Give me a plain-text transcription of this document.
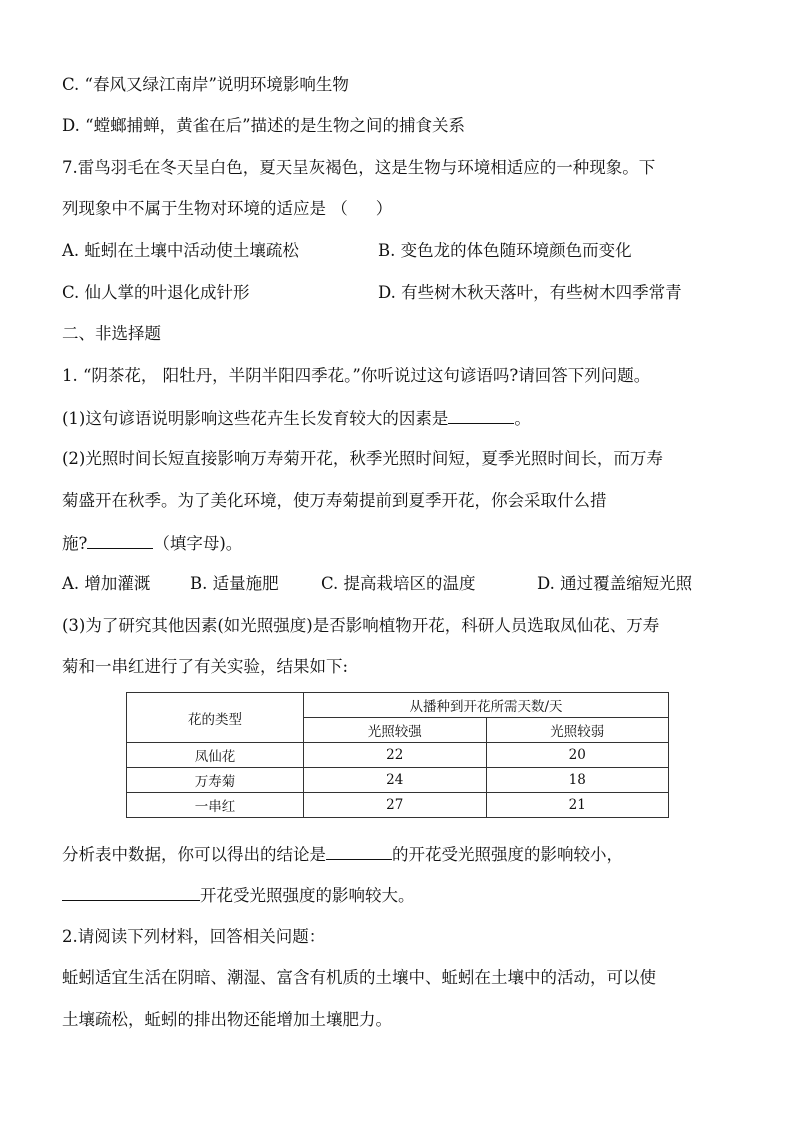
C. “春风又绿江南岸”说明环境影响生物
D. “螳螂捕蝉，黄雀在后”描述的是生物之间的捕食关系
7.雷鸟羽毛在冬天呈白色，夏天呈灰褐色，这是生物与环境相适应的一种现象。下
列现象中不属于生物对环境的适应是 （ ）
A. 蚯蚓在土壤中活动使土壤疏松	B. 变色龙的体色随环境颜色而变化
C. 仙人掌的叶退化成针形	D. 有些树木秋天落叶，有些树木四季常青
二、非选择题
1. “阴茶花， 阳牡丹，半阴半阳四季花。”你听说过这句谚语吗?请回答下列问题。
(1)这句谚语说明影响这些花卉生长发育较大的因素是	。
(2)光照时间长短直接影响万寿菊开花，秋季光照时间短，夏季光照时间长，而万寿
菊盛开在秋季。为了美化环境，使万寿菊提前到夏季开花，你会采取什么措
施?	（填字母)。
A. 增加灌溉 B. 适量施肥	C. 提高栽培区的温度	D. 通过覆盖缩短光照
(3)为了研究其他因素(如光照强度)是否影响植物开花，科研人员选取凤仙花、万寿
菊和一串红进行了有关实验，结果如下:
花的类型	从播种到开花所需天数/天	
	光照较强	光照较弱
凤仙花	22	20
万寿菊	24	18
一串红	27	21
分析表中数据，你可以得出的结论是	的开花受光照强度的影响较小，
开花受光照强度的影响较大。
2.请阅读下列材料，回答相关问题：
蚯蚓适宜生活在阴暗、潮湿、富含有机质的土壤中、蚯蚓在土壤中的活动，可以使
土壤疏松，蚯蚓的排出物还能增加土壤肥力。
